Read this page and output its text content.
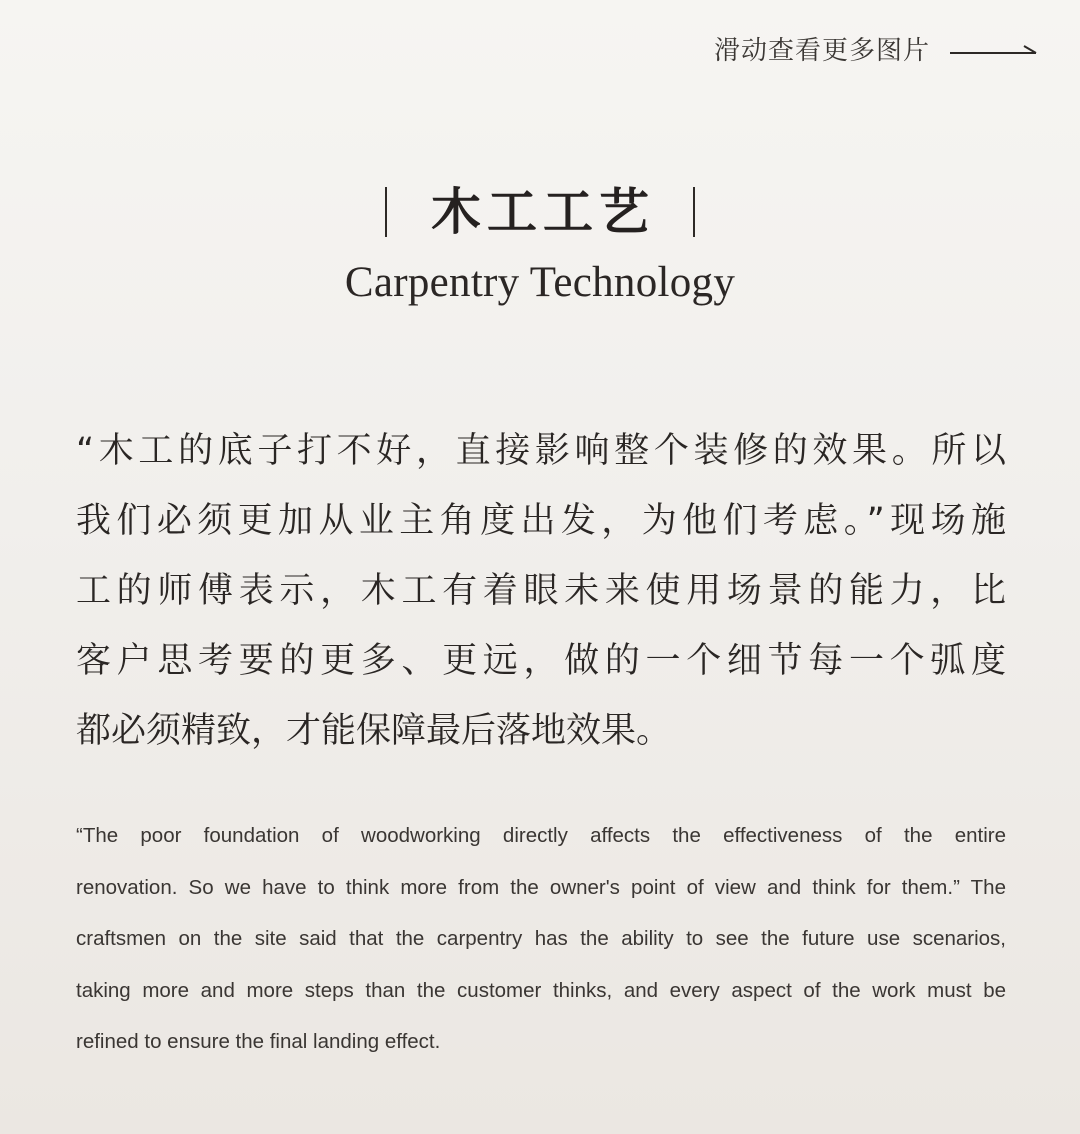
滑动查看更多图片
木工工艺
Carpentry Technology
“木工的底子打不好，直接影响整个装修的效果。所以
我们必须更加从业主角度出发，为他们考虑。”现场施
工的师傅表示，木工有着眼未来使用场景的能力，比
客户思考要的更多、更远，做的一个细节每一个弧度
都必须精致，才能保障最后落地效果。
“The poor foundation of woodworking directly affects the effectiveness of the entire
renovation. So we have to think more from the owner's point of view and think for them.” The
craftsmen on the site said that the carpentry has the ability to see the future use scenarios,
taking more and more steps than the customer thinks, and every aspect of the work must be
refined to ensure the final landing effect.
